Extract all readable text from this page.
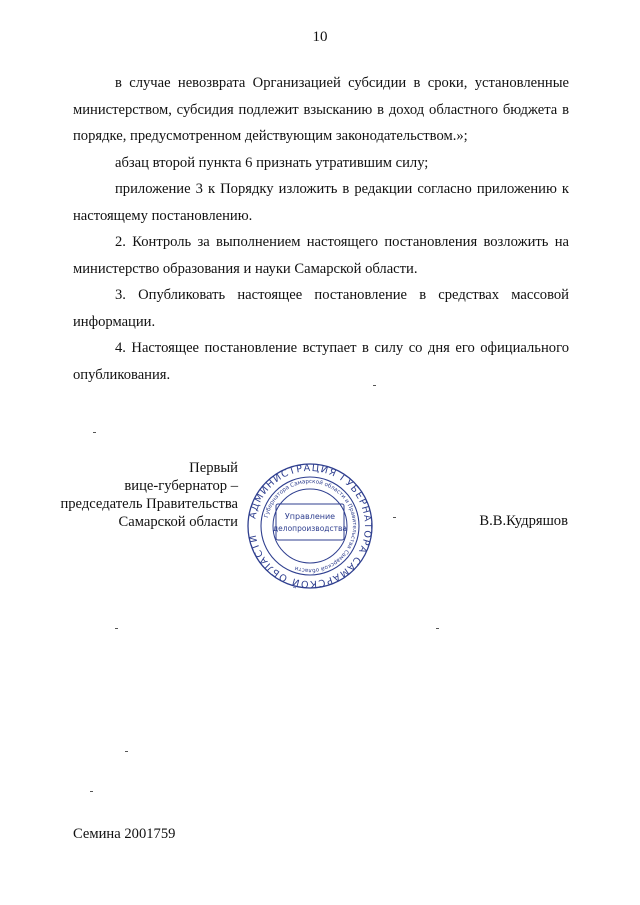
10

в случае невозврата Организацией субсидии в сроки, установленные министерством, субсидия подлежит взысканию в доход областного бюджета в порядке, предусмотренном действующим законодательством.»;

абзац второй пункта 6 признать утратившим силу;

приложение 3 к Порядку изложить в редакции согласно приложению к настоящему постановлению.

2. Контроль за выполнением настоящего постановления возложить на министерство образования и науки Самарской области.

3. Опубликовать настоящее постановление в средствах массовой информации.

4. Настоящее постановление вступает в силу со дня его официального опубликования.

Первый
вице-губернатор –
председатель Правительства
Самарской области АДМИНИСТРАЦИЯ ГУБЕРНАТОРА САМАРСКОЙ ОБЛАСТИ
Губернатора Самарской области и Правительства Самарской области
Управление
делопроизводства	В.В.Кудряшов
Семина 2001759
